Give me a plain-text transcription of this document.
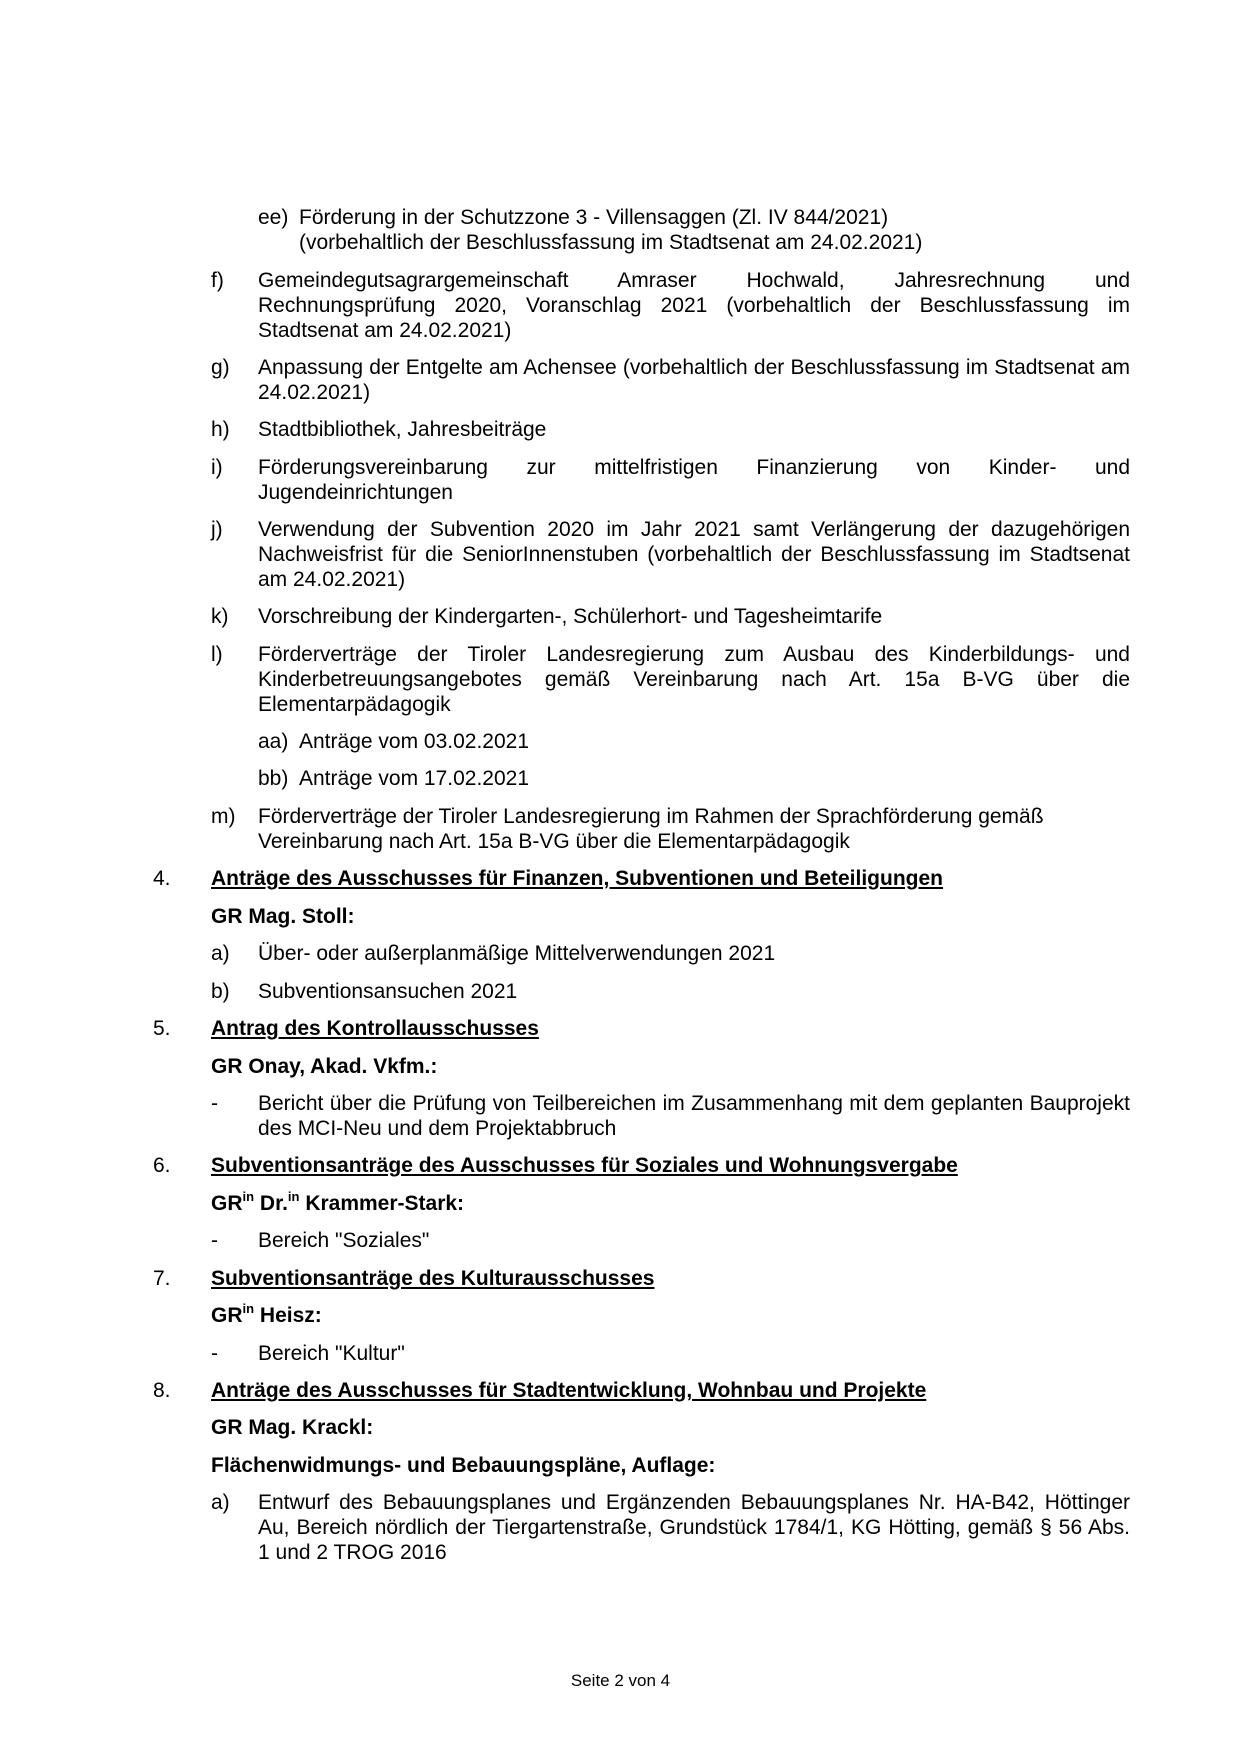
ee) Förderung in der Schutzzone 3 - Villensaggen (Zl. IV 844/2021)
(vorbehaltlich der Beschlussfassung im Stadtsenat am 24.02.2021)
f) Gemeindegutsagrargemeinschaft Amraser Hochwald, Jahresrechnung und Rechnungsprüfung 2020, Voranschlag 2021 (vorbehaltlich der Beschlussfassung im Stadtsenat am 24.02.2021)
g) Anpassung der Entgelte am Achensee (vorbehaltlich der Beschlussfassung im Stadtsenat am 24.02.2021)
h) Stadtbibliothek, Jahresbeiträge
i) Förderungsvereinbarung zur mittelfristigen Finanzierung von Kinder- und Jugendeinrichtungen
j) Verwendung der Subvention 2020 im Jahr 2021 samt Verlängerung der dazugehörigen Nachweisfrist für die SeniorInnenstuben (vorbehaltlich der Beschlussfassung im Stadtsenat am 24.02.2021)
k) Vorschreibung der Kindergarten-, Schülerhort- und Tagesheimtarife
l) Förderverträge der Tiroler Landesregierung zum Ausbau des Kinderbildungs- und Kinderbetreuungsangebotes gemäß Vereinbarung nach Art. 15a B-VG über die Elementarpädagogik
aa) Anträge vom 03.02.2021
bb) Anträge vom 17.02.2021
m) Förderverträge der Tiroler Landesregierung im Rahmen der Sprachförderung gemäß Vereinbarung nach Art. 15a B-VG über die Elementarpädagogik
4. Anträge des Ausschusses für Finanzen, Subventionen und Beteiligungen
GR Mag. Stoll:
a) Über- oder außerplanmäßige Mittelverwendungen 2021
b) Subventionsansuchen 2021
5. Antrag des Kontrollausschusses
GR Onay, Akad. Vkfm.:
- Bericht über die Prüfung von Teilbereichen im Zusammenhang mit dem geplanten Bauprojekt des MCI-Neu und dem Projektabbruch
6. Subventionsanträge des Ausschusses für Soziales und Wohnungsvergabe
$GR^{in}$ Dr.$^{in}$ Krammer-Stark:
- Bereich "Soziales"
7. Subventionsanträge des Kulturausschusses
$GR^{in}$ Heisz:
- Bereich "Kultur"
8. Anträge des Ausschusses für Stadtentwicklung, Wohnbau und Projekte
GR Mag. Krackl:
Flächenwidmungs- und Bebauungspläne, Auflage:
a) Entwurf des Bebauungsplanes und Ergänzenden Bebauungsplanes Nr. HA-B42, Höttinger Au, Bereich nördlich der Tiergartenstraße, Grundstück 1784/1, KG Hötting, gemäß § 56 Abs. 1 und 2 TROG 2016
Seite 2 von 4
